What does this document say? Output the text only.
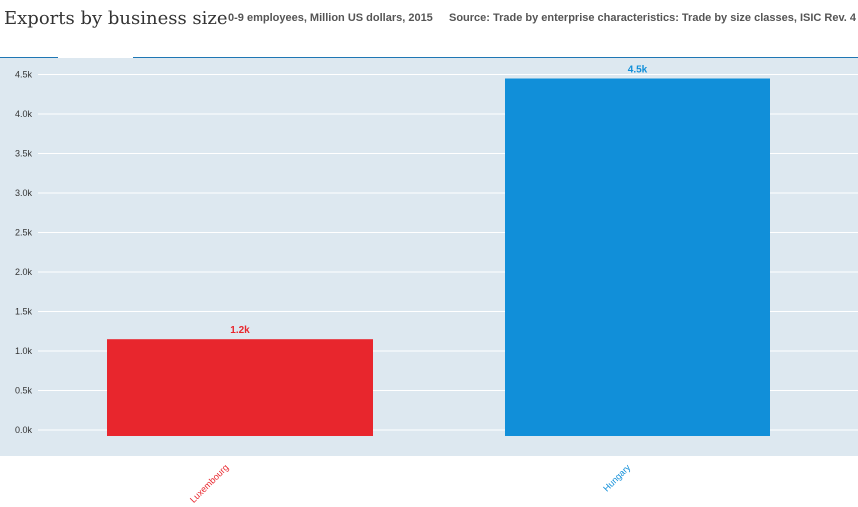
Exports by business size 0-9 employees, Million US dollars, 2015 Source: Trade by enterprise characteristics: Trade by size classes, ISIC Rev. 4
0.0k
0.5k
1.0k
1.5k
2.0k
2.5k
3.0k
3.5k
4.0k
4.5k
1.2k
Luxembourg
4.5k
Hungary
